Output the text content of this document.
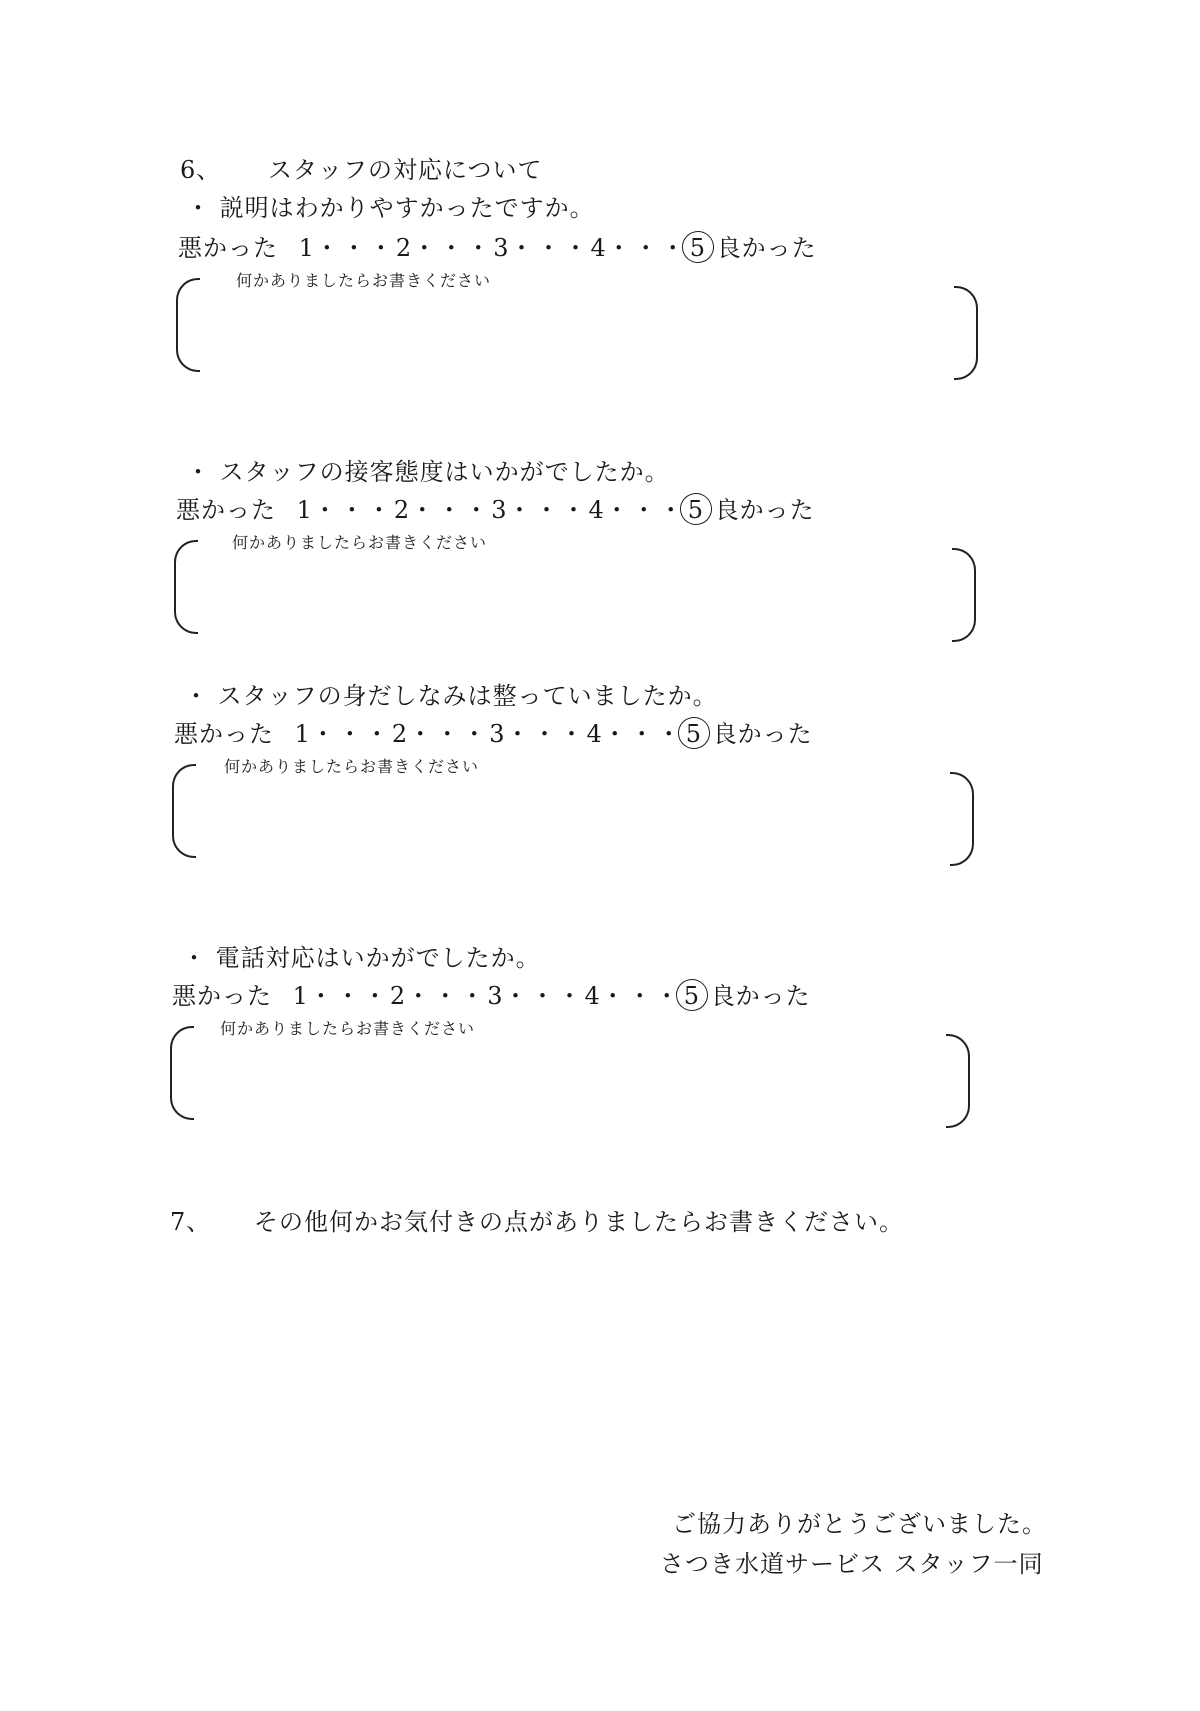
6、 スタッフの対応について
・ 説明はわかりやすかったですか。
悪かった 1・・・2・・・3・・・4・・・5 良かった
何かありましたらお書きください
・ スタッフの接客態度はいかがでしたか。
悪かった 1・・・2・・・3・・・4・・・5 良かった
何かありましたらお書きください
・ スタッフの身だしなみは整っていましたか。
悪かった 1・・・2・・・3・・・4・・・5 良かった
何かありましたらお書きください
・ 電話対応はいかがでしたか。
悪かった 1・・・2・・・3・・・4・・・5 良かった
何かありましたらお書きください
7、 その他何かお気付きの点がありましたらお書きください。
ご協力ありがとうございました。
さつき水道サービス スタッフ一同
